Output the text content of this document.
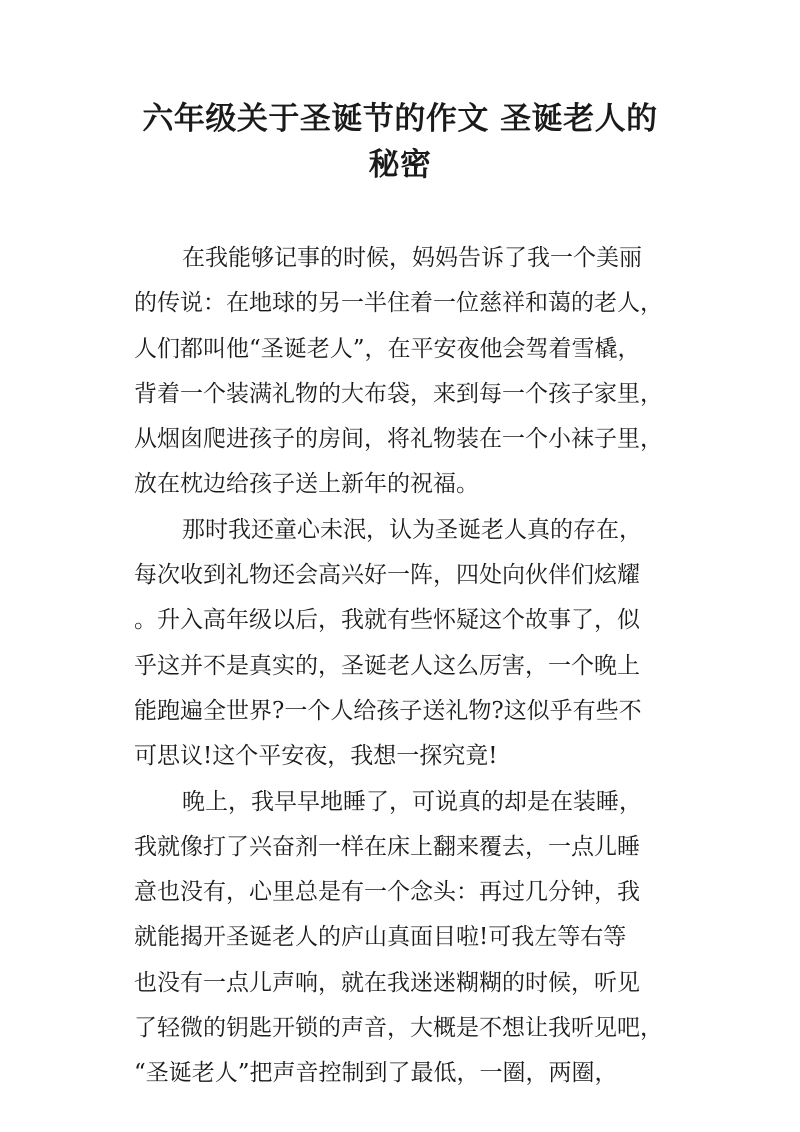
六年级关于圣诞节的作文 圣诞老人的
秘密
在我能够记事的时候，妈妈告诉了我一个美丽
的传说：在地球的另一半住着一位慈祥和蔼的老人，
人们都叫他“圣诞老人”，在平安夜他会驾着雪橇，
背着一个装满礼物的大布袋，来到每一个孩子家里，
从烟囱爬进孩子的房间，将礼物装在一个小袜子里，
放在枕边给孩子送上新年的祝福。
那时我还童心未泯，认为圣诞老人真的存在，
每次收到礼物还会高兴好一阵，四处向伙伴们炫耀
。升入高年级以后，我就有些怀疑这个故事了，似
乎这并不是真实的，圣诞老人这么厉害，一个晚上
能跑遍全世界?一个人给孩子送礼物?这似乎有些不
可思议!这个平安夜，我想一探究竟!
晚上，我早早地睡了，可说真的却是在装睡，
我就像打了兴奋剂一样在床上翻来覆去，一点儿睡
意也没有，心里总是有一个念头：再过几分钟，我
就能揭开圣诞老人的庐山真面目啦!可我左等右等
也没有一点儿声响，就在我迷迷糊糊的时候，听见
了轻微的钥匙开锁的声音，大概是不想让我听见吧，
“圣诞老人”把声音控制到了最低，一圈，两圈，
